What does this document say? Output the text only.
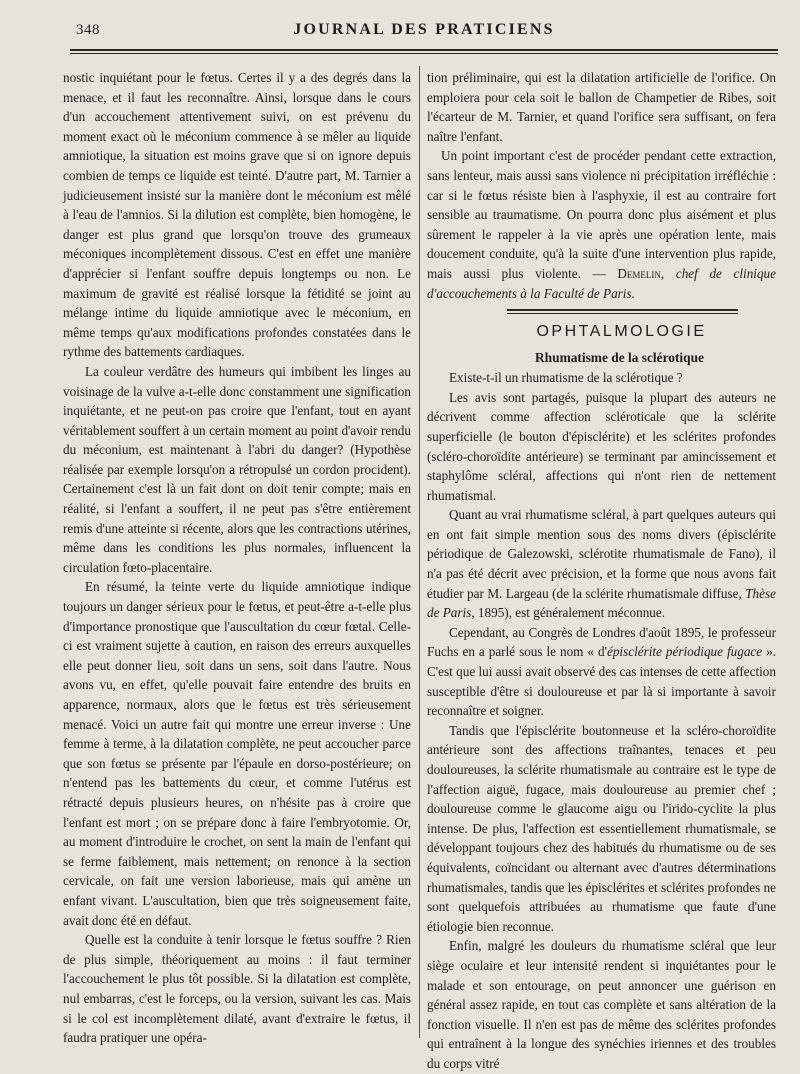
348	JOURNAL DES PRATICIENS

nostic inquiétant pour le fœtus. Certes il y a des degrés dans la menace, et il faut les reconnaître. Ainsi, lorsque dans le cours d'un accouchement attentivement suivi, on est prévenu du moment exact où le méconium commence à se mêler au liquide amniotique, la situation est moins grave que si on ignore depuis combien de temps ce liquide est teinté. D'autre part, M. Tarnier a judicieusement insisté sur la manière dont le méconium est mêlé à l'eau de l'amnios. Si la dilution est complète, bien homogène, le danger est plus grand que lorsqu'on trouve des grumeaux méconiques incomplètement dissous. C'est en effet une manière d'apprécier si l'enfant souffre depuis longtemps ou non. Le maximum de gravité est réalisé lorsque la fétidité se joint au mélange intime du liquide amniotique avec le méconium, en même temps qu'aux modifications profondes constatées dans le rythme des battements cardiaques.

La couleur verdâtre des humeurs qui imbibent les linges au voisinage de la vulve a-t-elle donc constamment une signification inquiétante, et ne peut-on pas croire que l'enfant, tout en ayant véritablement souffert à un certain moment au point d'avoir rendu du méconium, est maintenant à l'abri du danger? (Hypothèse réalisée par exemple lorsqu'on a rétropulsé un cordon procident). Certainement c'est là un fait dont on doit tenir compte; mais en réalité, si l'enfant a souffert, il ne peut pas s'être entièrement remis d'une atteinte si récente, alors que les contractions utérines, même dans les conditions les plus normales, influencent la circulation fœto-placentaire.

En résumé, la teinte verte du liquide amniotique indique toujours un danger sérieux pour le fœtus, et peut-être a-t-elle plus d'importance pronostique que l'auscultation du cœur fœtal. Celle-ci est vraiment sujette à caution, en raison des erreurs auxquelles elle peut donner lieu, soit dans un sens, soit dans l'autre. Nous avons vu, en effet, qu'elle pouvait faire entendre des bruits en apparence, normaux, alors que le fœtus est très sérieusement menacé. Voici un autre fait qui montre une erreur inverse : Une femme à terme, à la dilatation complète, ne peut accoucher parce que son fœtus se présente par l'épaule en dorso-postérieure; on n'entend pas les battements du cœur, et comme l'utérus est rétracté depuis plusieurs heures, on n'hésite pas à croire que l'enfant est mort ; on se prépare donc à faire l'embryotomie. Or, au moment d'introduire le crochet, on sent la main de l'enfant qui se ferme faiblement, mais nettement; on renonce à la section cervicale, on fait une version laborieuse, mais qui amène un enfant vivant. L'auscultation, bien que très soigneusement faite, avait donc été en défaut.

Quelle est la conduite à tenir lorsque le fœtus souffre ? Rien de plus simple, théoriquement au moins : il faut terminer l'accouchement le plus tôt possible. Si la dilatation est complète, nul embarras, c'est le forceps, ou la version, suivant les cas. Mais si le col est incomplètement dilaté, avant d'extraire le fœtus, il faudra pratiquer une opéra-

tion préliminaire, qui est la dilatation artificielle de l'orifice. On emploiera pour cela soit le ballon de Champetier de Ribes, soit l'écarteur de M. Tarnier, et quand l'orifice sera suffisant, on fera naître l'enfant.

Un point important c'est de procéder pendant cette extraction, sans lenteur, mais aussi sans violence ni précipitation irréfléchie : car si le fœtus résiste bien à l'asphyxie, il est au contraire fort sensible au traumatisme. On pourra donc plus aisément et plus sûrement le rappeler à la vie après une opération lente, mais doucement conduite, qu'à la suite d'une intervention plus rapide, mais aussi plus violente. — Demelin, chef de clinique d'accouchements à la Faculté de Paris.

OPHTALMOLOGIE
Rhumatisme de la sclérotique

Existe-t-il un rhumatisme de la sclérotique ?

Les avis sont partagés, puisque la plupart des auteurs ne décrivent comme affection scléroticale que la sclérite superficielle (le bouton d'épisclérite) et les sclérites profondes (scléro-choroïdite antérieure) se terminant par amincissement et staphylôme scléral, affections qui n'ont rien de nettement rhumatismal.

Quant au vrai rhumatisme scléral, à part quelques auteurs qui en ont fait simple mention sous des noms divers (épisclérite périodique de Galezowski, sclérotite rhumatismale de Fano), il n'a pas été décrit avec précision, et la forme que nous avons fait étudier par M. Largeau (de la sclérite rhumatismale diffuse, Thèse de Paris, 1895), est généralement méconnue.

Cependant, au Congrès de Londres d'août 1895, le professeur Fuchs en a parlé sous le nom « d'épisclérite périodique fugace ». C'est que lui aussi avait observé des cas intenses de cette affection susceptible d'être si douloureuse et par là si importante à savoir reconnaître et soigner.

Tandis que l'épisclérite boutonneuse et la scléro-choroïdite antérieure sont des affections traînantes, tenaces et peu douloureuses, la sclérite rhumatismale au contraire est le type de l'affection aiguë, fugace, mais douloureuse au premier chef ; douloureuse comme le glaucome aigu ou l'irido-cyclite la plus intense. De plus, l'affection est essentiellement rhumatismale, se développant toujours chez des habitués du rhumatisme ou de ses équivalents, coïncidant ou alternant avec d'autres déterminations rhumatismales, tandis que les épisclérites et sclérites profondes ne sont quelquefois attribuées au rhumatisme que faute d'une étiologie bien reconnue.

Enfin, malgré les douleurs du rhumatisme scléral que leur siège oculaire et leur intensité rendent si inquiétantes pour le malade et son entourage, on peut annoncer une guérison en général assez rapide, en tout cas complète et sans altération de la fonction visuelle. Il n'en est pas de même des sclérites profondes qui entraînent à la longue des synéchies iriennes et des troubles du corps vitré
